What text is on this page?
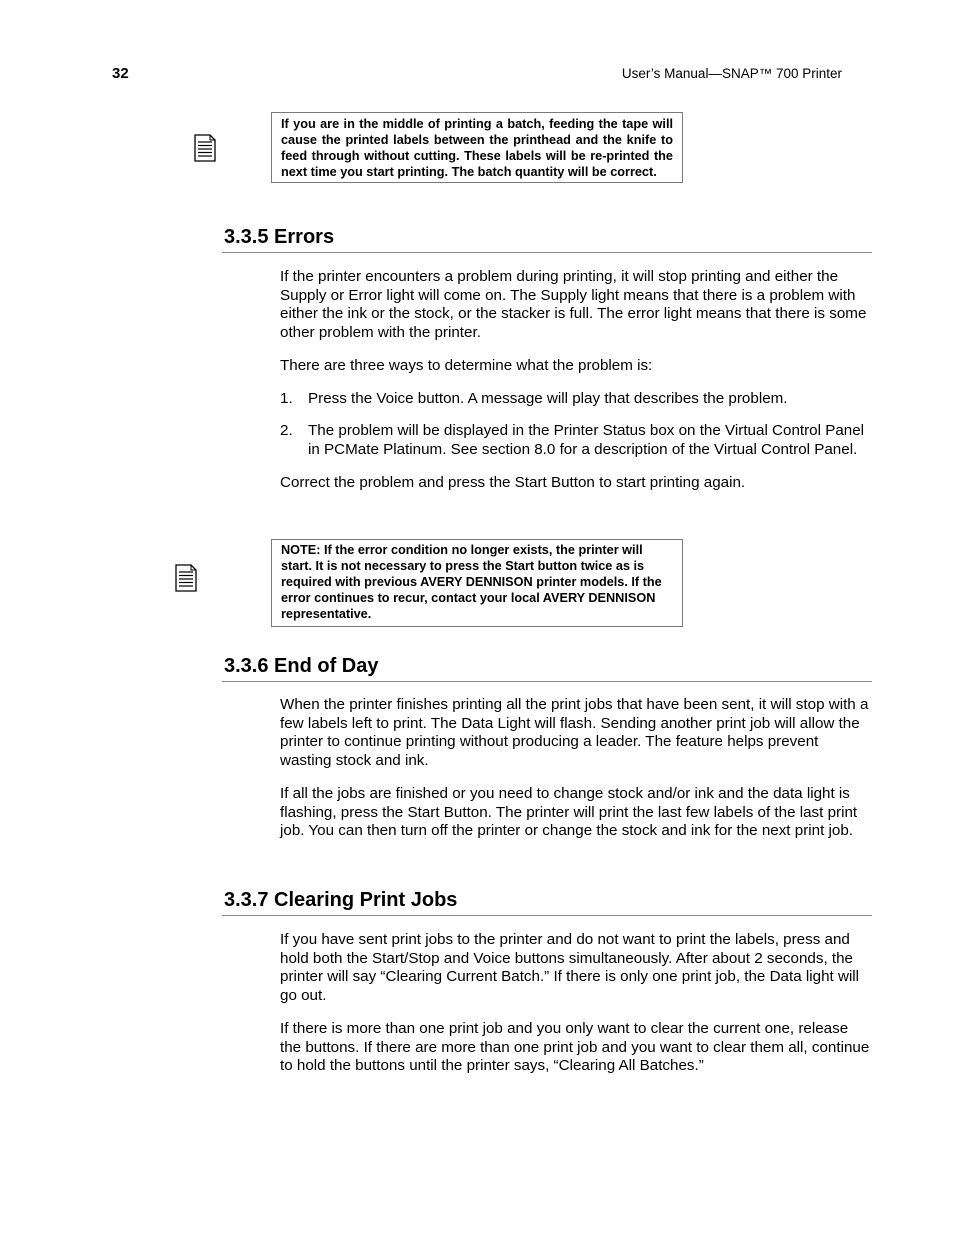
32	User’s Manual—SNAP™ 700 Printer
If you are in the middle of printing a batch, feeding the tape will cause the printed labels between the printhead and the knife to feed through without cutting. These labels will be re-printed the next time you start printing. The batch quantity will be correct.
3.3.5 Errors

If the printer encounters a problem during printing, it will stop printing and either the Supply or Error light will come on. The Supply light means that there is a problem with either the ink or the stock, or the stacker is full. The error light means that there is some other problem with the printer.

There are three ways to determine what the problem is:

1.	Press the Voice button. A message will play that describes the problem.
2.	The problem will be displayed in the Printer Status box on the Virtual Control Panel in PCMate Platinum. See section 8.0 for a description of the Virtual Control Panel.

Correct the problem and press the Start Button to start printing again.

NOTE: If the error condition no longer exists, the printer will start. It is not necessary to press the Start button twice as is required with previous AVERY DENNISON printer models. If the error continues to recur, contact your local AVERY DENNISON representative.
3.3.6 End of Day

When the printer finishes printing all the print jobs that have been sent, it will stop with a few labels left to print. The Data Light will flash. Sending another print job will allow the printer to continue printing without producing a leader. The feature helps prevent wasting stock and ink.

If all the jobs are finished or you need to change stock and/or ink and the data light is flashing, press the Start Button. The printer will print the last few labels of the last print job. You can then turn off the printer or change the stock and ink for the next print job.

3.3.7 Clearing Print Jobs

If you have sent print jobs to the printer and do not want to print the labels, press and hold both the Start/Stop and Voice buttons simultaneously. After about 2 seconds, the printer will say “Clearing Current Batch.” If there is only one print job, the Data light will go out.

If there is more than one print job and you only want to clear the current one, release the buttons. If there are more than one print job and you want to clear them all, continue to hold the buttons until the printer says, “Clearing All Batches.”
